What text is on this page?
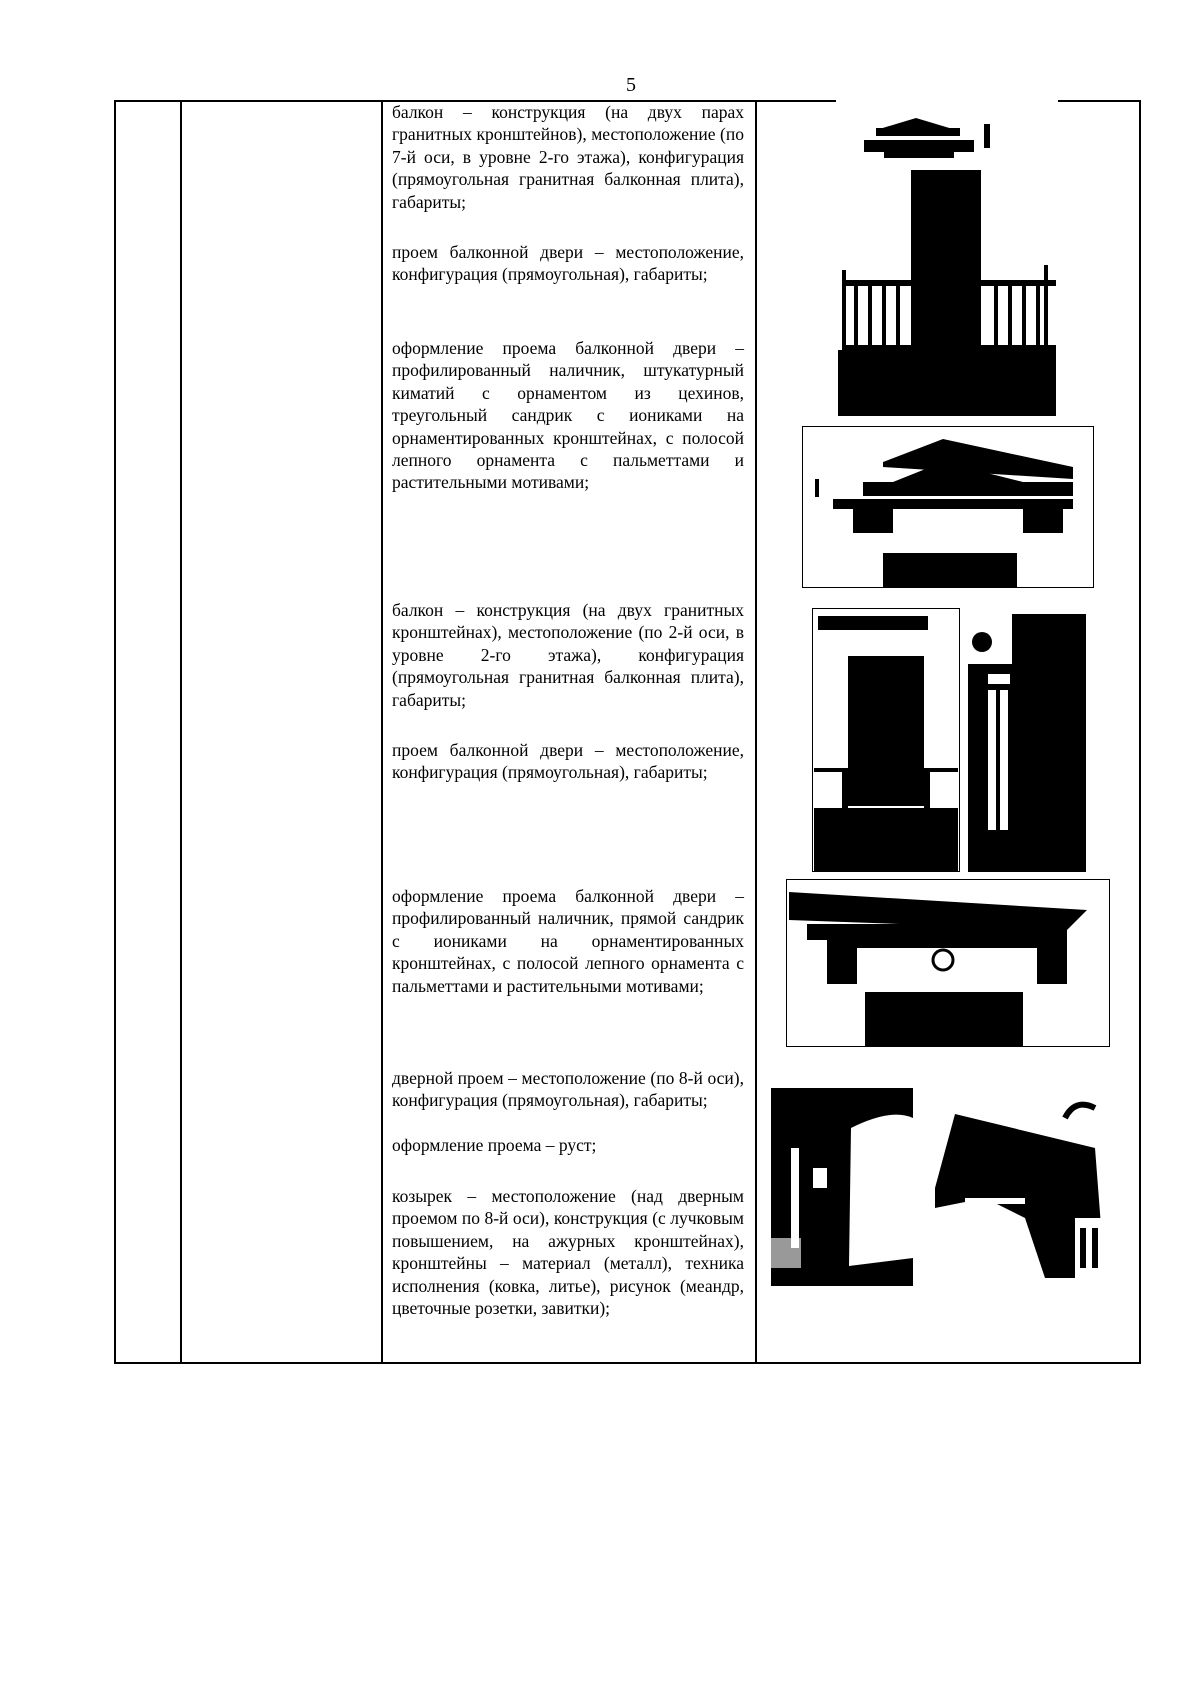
5

балкон – конструкция (на двух парах гранитных кронштейнов), местоположение (по 7-й оси, в уровне 2-го этажа), конфигурация (прямоугольная гранитная балконная плита), габариты;

проем балконной двери – местоположение, конфигурация (прямоугольная), габариты;

оформление проема балконной двери – профилированный наличник, штукатурный киматий с орнаментом из цехинов, треугольный сандрик с иониками на орнаментированных кронштейнах, с полосой лепного орнамента с пальметтами и растительными мотивами;

балкон – конструкция (на двух гранитных кронштейнах), местоположение (по 2-й оси, в уровне 2-го этажа), конфигурация (прямоугольная гранитная балконная плита), габариты;

проем балконной двери – местоположение, конфигурация (прямоугольная), габариты;

оформление проема балконной двери – профилированный наличник, прямой сандрик с иониками на орнаментированных кронштейнах, с полосой лепного орнамента с пальметтами и растительными мотивами;

дверной проем – местоположение (по 8-й оси), конфигурация (прямоугольная), габариты;

оформление проема – руст;

козырек – местоположение (над дверным проемом по 8-й оси), конструкция (с лучковым повышением, на ажурных кронштейнах), кронштейны – материал (металл), техника исполнения (ковка, литье), рисунок (меандр, цветочные розетки, завитки);
